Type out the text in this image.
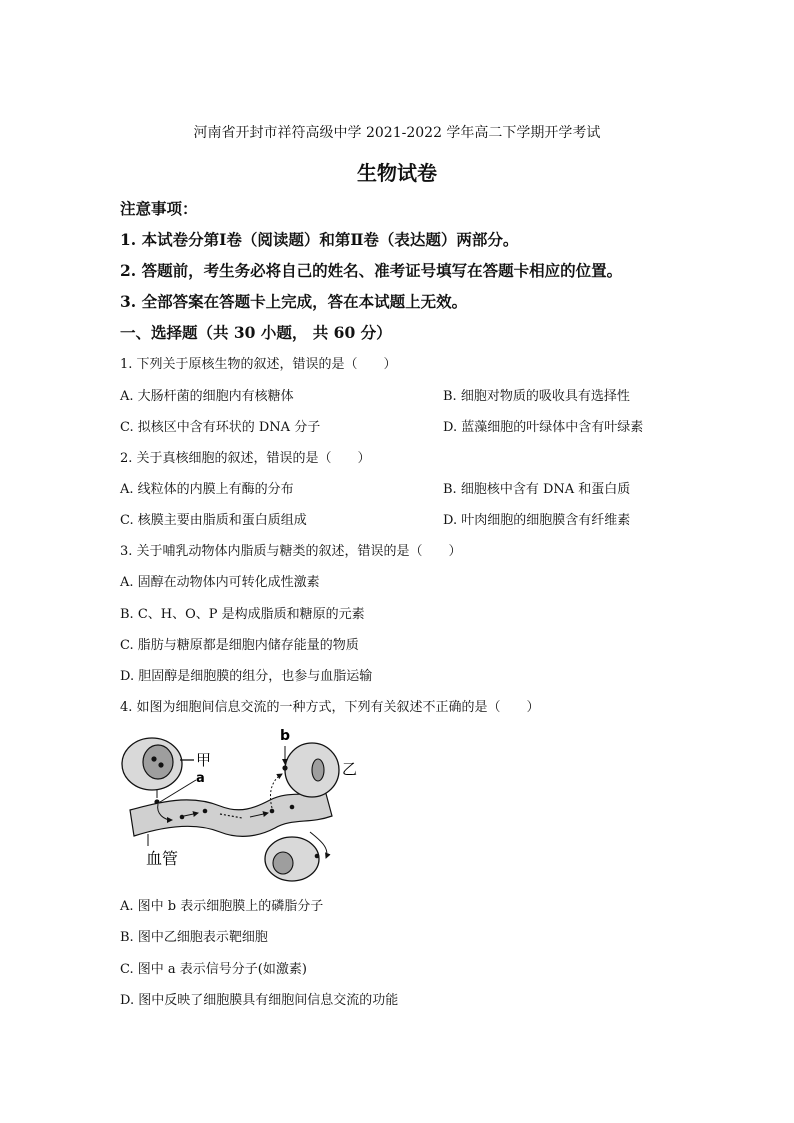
河南省开封市祥符高级中学 2021-2022 学年高二下学期开学考试
生物试卷
注意事项：
1. 本试卷分第Ⅰ卷（阅读题）和第Ⅱ卷（表达题）两部分。
2. 答题前，考生务必将自己的姓名、准考证号填写在答题卡相应的位置。
3. 全部答案在答题卡上完成，答在本试题上无效。
一、选择题（共 30 小题， 共 60 分）
1. 下列关于原核生物的叙述，错误的是（　　）
A. 大肠杆菌的细胞内有核糖体	B. 细胞对物质的吸收具有选择性
C. 拟核区中含有环状的 DNA 分子	D. 蓝藻细胞的叶绿体中含有叶绿素
2. 关于真核细胞的叙述，错误的是（　　）
A. 线粒体的内膜上有酶的分布	B. 细胞核中含有 DNA 和蛋白质
C. 核膜主要由脂质和蛋白质组成	D. 叶肉细胞的细胞膜含有纤维素
3. 关于哺乳动物体内脂质与糖类的叙述，错误的是（　　）
A. 固醇在动物体内可转化成性激素
B. C、H、O、P 是构成脂质和糖原的元素
C. 脂肪与糖原都是细胞内储存能量的物质
D. 胆固醇是细胞膜的组分，也参与血脂运输
4. 如图为细胞间信息交流的一种方式，下列有关叙述不正确的是（　　）
甲
a
乙
b
血管
A. 图中 b 表示细胞膜上的磷脂分子
B. 图中乙细胞表示靶细胞
C. 图中 a 表示信号分子(如激素)
D. 图中反映了细胞膜具有细胞间信息交流的功能
